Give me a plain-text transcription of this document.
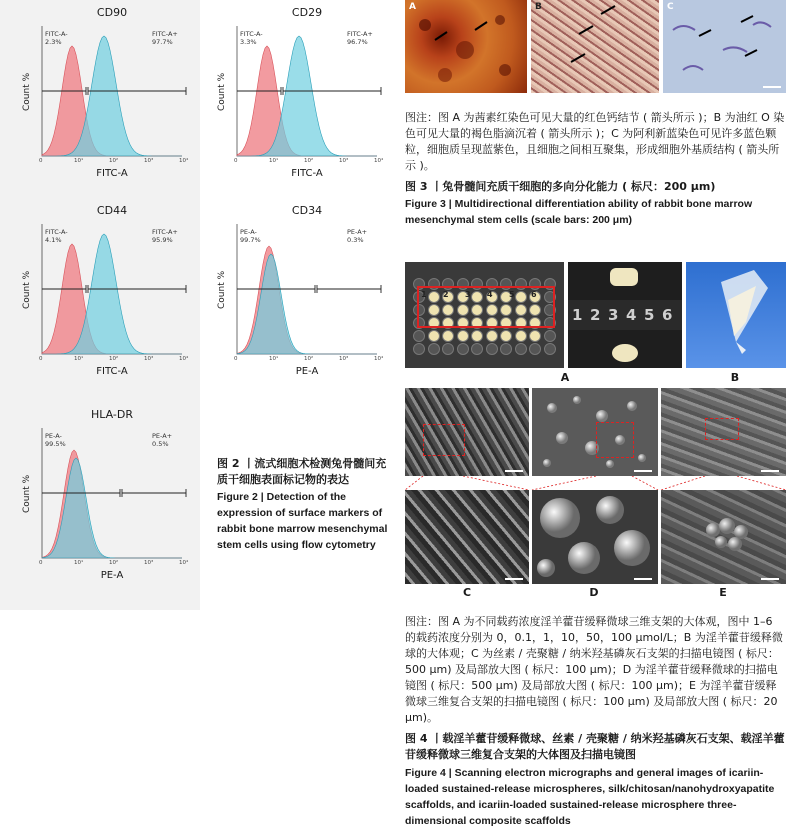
CD90
FITC-A-
2.3%
FITC-A+
97.7%
Count %
0	10¹	10²	10³	10⁴
FITC-A
CD29
FITC-A-
3.3%
FITC-A+
96.7%
Count %
0	10¹	10²	10³	10⁴
FITC-A
CD44
FITC-A-
4.1%
FITC-A+
95.9%
Count %
0	10¹	10²	10³	10⁴
FITC-A
CD34
PE-A-
99.7%
PE-A+
0.3%
Count %
0	10¹	10²	10³	10⁴
PE-A
HLA-DR
PE-A-
99.5%
PE-A+
0.5%
Count %
0	10¹	10²	10³	10⁴
PE-A
图 2 丨流式细胞术检测兔骨髓间充质干细胞表面标记物的表达
Figure 2 | Detection of the expression of surface markers of rabbit bone marrow mesenchymal stem cells using flow cytometry
A	B	C
图注：图 A 为茜素红染色可见大量的红色钙结节 ( 箭头所示 )；B 为油红 O 染色可见大量的褐色脂滴沉着 ( 箭头所示 )；C 为阿利新蓝染色可见许多蓝色颗粒，细胞质呈现蓝紫色，且细胞之间相互聚集，形成细胞外基质结构 ( 箭头所示 )。
图 3 丨兔骨髓间充质干细胞的多向分化能力 ( 标尺：200 μm)
Figure 3 | Multidirectional differentiation ability of rabbit bone marrow mesenchymal stem cells (scale bars: 200 μm)
1 2 3 4 5 6
1 2 3 4 5 6
A	B
C	D	E
图注：图 A 为不同载药浓度淫羊藿苷缓释微球三维支架的大体观，图中 1–6 的载药浓度分别为 0，0.1，1，10，50，100 μmol/L；B 为淫羊藿苷缓释微球的大体观；C 为丝素 / 壳聚糖 / 纳米羟基磷灰石支架的扫描电镜图 ( 标尺：500 μm) 及局部放大图 ( 标尺：100 μm)；D 为淫羊藿苷缓释微球的扫描电镜图 ( 标尺：500 μm) 及局部放大图 ( 标尺：100 μm)；E 为淫羊藿苷缓释微球三维复合支架的扫描电镜图 ( 标尺：100 μm) 及局部放大图 ( 标尺：20 μm)。
图 4 丨载淫羊藿苷缓释微球、丝素 / 壳聚糖 / 纳米羟基磷灰石支架、载淫羊藿苷缓释微球三维复合支架的大体图及扫描电镜图
Figure 4 | Scanning electron micrographs and general images of icariin-loaded sustained-release microspheres, silk/chitosan/nanohydroxyapatite scaffolds, and icariin-loaded sustained-release microsphere three-dimensional composite scaffolds
